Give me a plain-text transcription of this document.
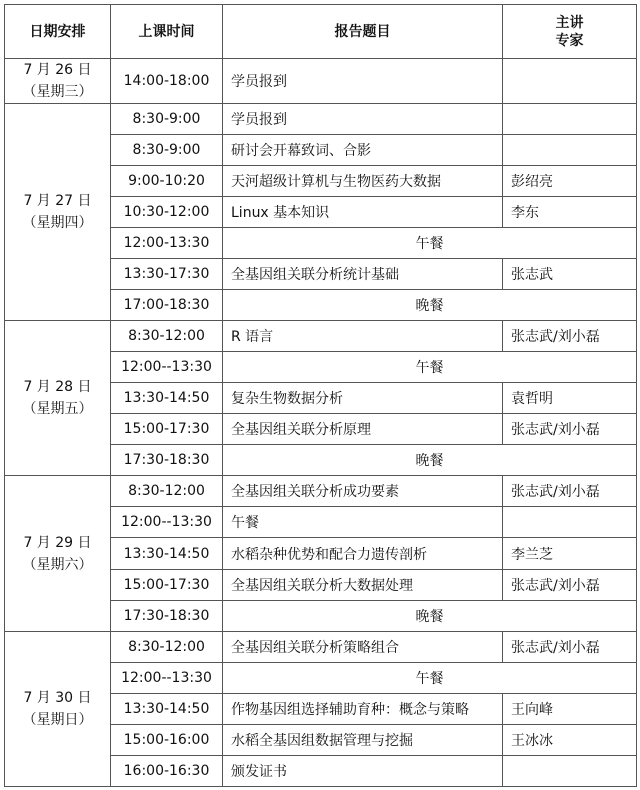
日期安排	上课时间	报告题目	主讲
专家

7 月 26 日
（星期三）	14:00-18:00	学员报到	

7 月 27 日
（星期四）	8:30-9:00	学员报到	
	8:30-9:00	研讨会开幕致词、合影	
	9:00-10:20	天河超级计算机与生物医药大数据	彭绍亮
	10:30-12:00	Linux 基本知识	李东
	12:00-13:30	午餐	
	13:30-17:30	全基因组关联分析统计基础	张志武
	17:00-18:30	晚餐	

7 月 28 日
（星期五）	8:30-12:00	R 语言	张志武/刘小磊
	12:00--13:30	午餐	
	13:30-14:50	复杂生物数据分析	袁哲明
	15:00-17:30	全基因组关联分析原理	张志武/刘小磊
	17:30-18:30	晚餐	

7 月 29 日
（星期六）	8:30-12:00	全基因组关联分析成功要素	张志武/刘小磊
	12:00--13:30	午餐	
	13:30-14:50	水稻杂种优势和配合力遗传剖析	李兰芝
	15:00-17:30	全基因组关联分析大数据处理	张志武/刘小磊
	17:30-18:30	晚餐	

7 月 30 日
（星期日）	8:30-12:00	全基因组关联分析策略组合	张志武/刘小磊
	12:00--13:30	午餐	
	13:30-14:50	作物基因组选择辅助育种：概念与策略	王向峰
	15:00-16:00	水稻全基因组数据管理与挖掘	王冰冰
	16:00-16:30	颁发证书	
